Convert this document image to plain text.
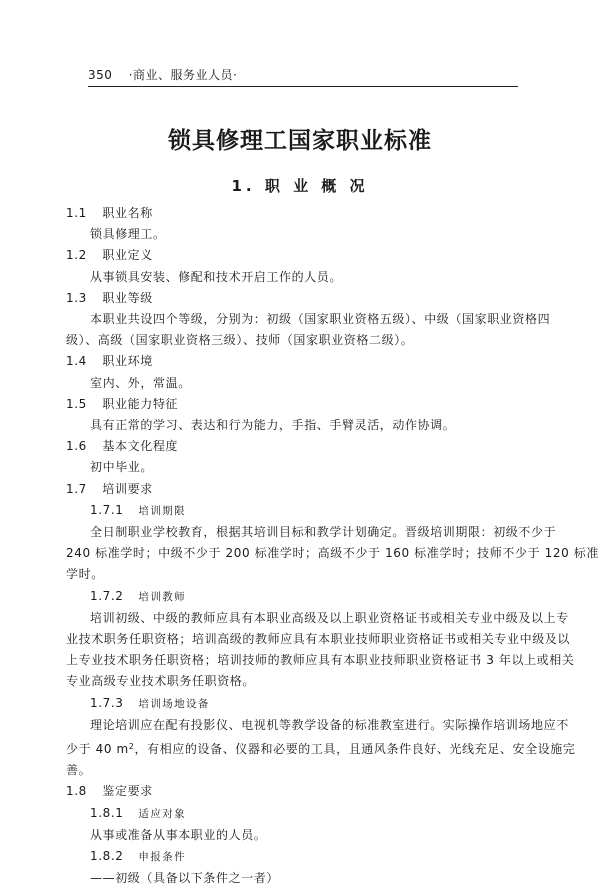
350 ·商业、服务业人员·
锁具修理工国家职业标准
1. 职 业 概 况
1.1 职业名称
锁具修理工。
1.2 职业定义
从事锁具安装、修配和技术开启工作的人员。
1.3 职业等级
本职业共设四个等级，分别为：初级（国家职业资格五级）、中级（国家职业资格四
级）、高级（国家职业资格三级）、技师（国家职业资格二级）。
1.4 职业环境
室内、外，常温。
1.5 职业能力特征
具有正常的学习、表达和行为能力，手指、手臂灵活，动作协调。
1.6 基本文化程度
初中毕业。
1.7 培训要求
1.7.1 培训期限
全日制职业学校教育，根据其培训目标和教学计划确定。晋级培训期限：初级不少于
240 标准学时；中级不少于 200 标准学时；高级不少于 160 标准学时；技师不少于 120 标准
学时。
1.7.2 培训教师
培训初级、中级的教师应具有本职业高级及以上职业资格证书或相关专业中级及以上专
业技术职务任职资格；培训高级的教师应具有本职业技师职业资格证书或相关专业中级及以
上专业技术职务任职资格；培训技师的教师应具有本职业技师职业资格证书 3 年以上或相关
专业高级专业技术职务任职资格。
1.7.3 培训场地设备
理论培训应在配有投影仪、电视机等教学设备的标准教室进行。实际操作培训场地应不
少于 40 $m^2$，有相应的设备、仪器和必要的工具，且通风条件良好、光线充足、安全设施完
善。
1.8 鉴定要求
1.8.1 适应对象
从事或准备从事本职业的人员。
1.8.2 申报条件
——初级（具备以下条件之一者）
